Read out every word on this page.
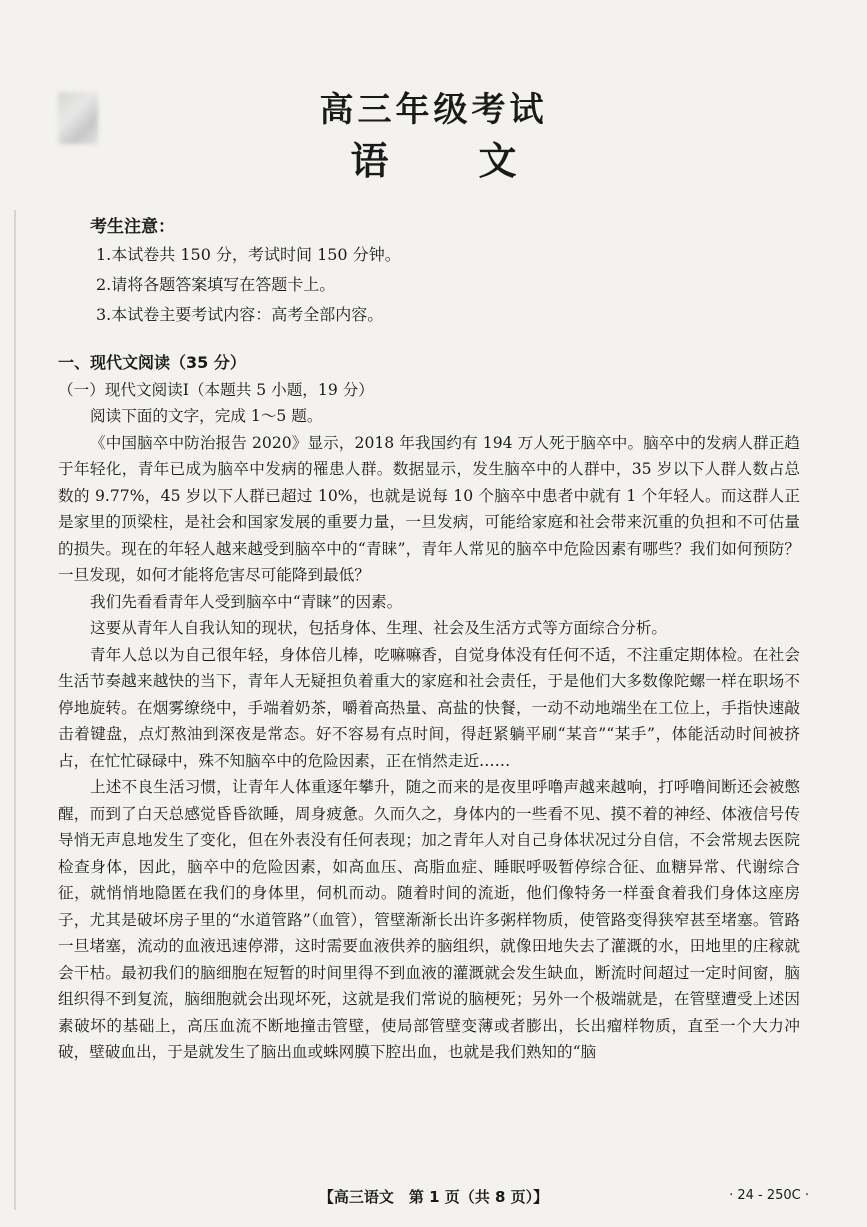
高三年级考试
语文

考生注意：

1.本试卷共 150 分，考试时间 150 分钟。

2.请将各题答案填写在答题卡上。

3.本试卷主要考试内容：高考全部内容。

一、现代文阅读（35 分）

（一）现代文阅读Ⅰ（本题共 5 小题，19 分）

阅读下面的文字，完成 1～5 题。

《中国脑卒中防治报告 2020》显示，2018 年我国约有 194 万人死于脑卒中。脑卒中的发病人群正趋于年轻化，青年已成为脑卒中发病的罹患人群。数据显示，发生脑卒中的人群中，35 岁以下人群人数占总数的 9.77%，45 岁以下人群已超过 10%，也就是说每 10 个脑卒中患者中就有 1 个年轻人。而这群人正是家里的顶梁柱，是社会和国家发展的重要力量，一旦发病，可能给家庭和社会带来沉重的负担和不可估量的损失。现在的年轻人越来越受到脑卒中的“青睐”，青年人常见的脑卒中危险因素有哪些？我们如何预防？一旦发现，如何才能将危害尽可能降到最低？

我们先看看青年人受到脑卒中“青睐”的因素。

这要从青年人自我认知的现状，包括身体、生理、社会及生活方式等方面综合分析。

青年人总以为自己很年轻，身体倍儿棒，吃嘛嘛香，自觉身体没有任何不适，不注重定期体检。在社会生活节奏越来越快的当下，青年人无疑担负着重大的家庭和社会责任，于是他们大多数像陀螺一样在职场不停地旋转。在烟雾缭绕中，手端着奶茶，嚼着高热量、高盐的快餐，一动不动地端坐在工位上，手指快速敲击着键盘，点灯熬油到深夜是常态。好不容易有点时间，得赶紧躺平刷“某音”“某手”，体能活动时间被挤占，在忙忙碌碌中，殊不知脑卒中的危险因素，正在悄然走近……

上述不良生活习惯，让青年人体重逐年攀升，随之而来的是夜里呼噜声越来越响，打呼噜间断还会被憋醒，而到了白天总感觉昏昏欲睡，周身疲惫。久而久之，身体内的一些看不见、摸不着的神经、体液信号传导悄无声息地发生了变化，但在外表没有任何表现；加之青年人对自己身体状况过分自信，不会常规去医院检查身体，因此，脑卒中的危险因素，如高血压、高脂血症、睡眠呼吸暂停综合征、血糖异常、代谢综合征，就悄悄地隐匿在我们的身体里，伺机而动。随着时间的流逝，他们像特务一样蚕食着我们身体这座房子，尤其是破坏房子里的“水道管路”（血管），管壁渐渐长出许多粥样物质，使管路变得狭窄甚至堵塞。管路一旦堵塞，流动的血液迅速停滞，这时需要血液供养的脑组织，就像田地失去了灌溉的水，田地里的庄稼就会干枯。最初我们的脑细胞在短暂的时间里得不到血液的灌溉就会发生缺血，断流时间超过一定时间窗，脑组织得不到复流，脑细胞就会出现坏死，这就是我们常说的脑梗死；另外一个极端就是，在管壁遭受上述因素破坏的基础上，高压血流不断地撞击管壁，使局部管壁变薄或者膨出，长出瘤样物质，直至一个大力冲破，壁破血出，于是就发生了脑出血或蛛网膜下腔出血，也就是我们熟知的“脑

【高三语文　第 1 页（共 8 页）】	· 24 - 250C ·
